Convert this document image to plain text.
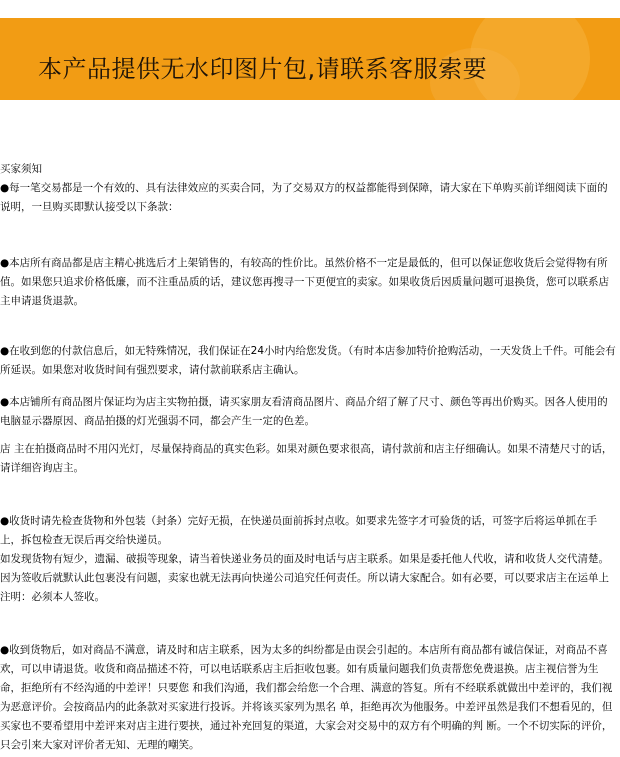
本产品提供无水印图片包,请联系客服索要

买家须知

●每一笔交易都是一个有效的、具有法律效应的买卖合同，为了交易双方的权益都能得到保障，请大家在下单购买前详细阅读下面的说明，一旦购买即默认接受以下条款：

●本店所有商品都是店主精心挑选后才上架销售的，有较高的性价比。虽然价格不一定是最低的，但可以保证您收货后会觉得物有所值。如果您只追求价格低廉，而不注重品质的话，建议您再搜寻一下更便宜的卖家。如果收货后因质量问题可退换货，您可以联系店主申请退货退款。

●在收到您的付款信息后，如无特殊情况，我们保证在24小时内给您发货。（有时本店参加特价抢购活动，一天发货上千件。可能会有所延误。如果您对收货时间有强烈要求，请付款前联系店主确认。

●本店铺所有商品图片保证均为店主实物拍摄，请买家朋友看清商品图片、商品介绍了解了尺寸、颜色等再出价购买。因各人使用的电脑显示器原因、商品拍摄的灯光强弱不同，都会产生一定的色差。

店 主在拍摄商品时不用闪光灯，尽量保持商品的真实色彩。如果对颜色要求很高，请付款前和店主仔细确认。如果不清楚尺寸的话，请详细咨询店主。

●收货时请先检查货物和外包装（封条）完好无损，在快递员面前拆封点收。如要求先签字才可验货的话，可签字后将运单抓在手上，拆包检查无误后再交给快递员。

如发现货物有短少，遗漏、破损等现象，请当着快递业务员的面及时电话与店主联系。如果是委托他人代收，请和收货人交代清楚。因为签收后就默认此包裹没有问题，卖家也就无法再向快递公司追究任何责任。所以请大家配合。如有必要，可以要求店主在运单上注明：必须本人签收。

●收到货物后，如对商品不满意，请及时和店主联系，因为太多的纠纷都是由误会引起的。本店所有商品都有诚信保证，对商品不喜欢，可以申请退货。收货和商品描述不符，可以电话联系店主后拒收包裹。如有质量问题我们负责帮您免费退换。店主视信誉为生命，拒绝所有不经沟通的中差评！只要您 和我们沟通，我们都会给您一个合理、满意的答复。所有不经联系就做出中差评的，我们视为恶意评价。会按商品内的此条款对买家进行投诉。并将该买家列为黑名 单，拒绝再次为他服务。中差评虽然是我们不想看见的，但买家也不要希望用中差评来对店主进行要挟，通过补充回复的渠道，大家会对交易中的双方有个明确的判 断。一个不切实际的评价，只会引来大家对评价者无知、无理的嘲笑。
